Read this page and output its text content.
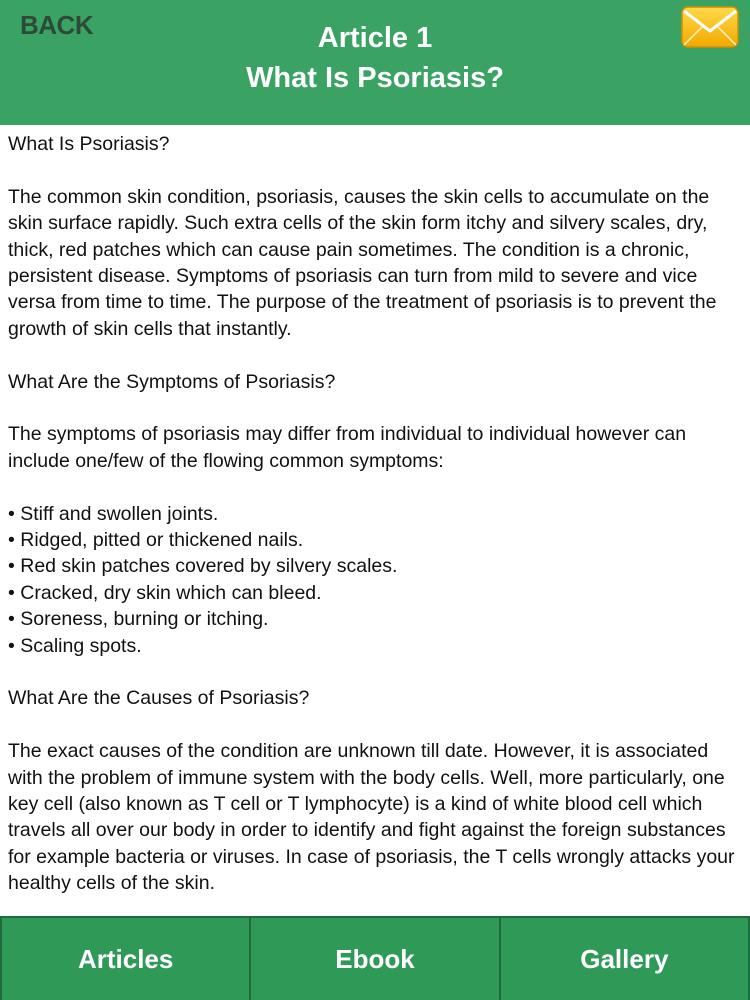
BACK	Article 1
What Is Psoriasis?

What Is Psoriasis?

The common skin condition, psoriasis, causes the skin cells to accumulate on the skin surface rapidly. Such extra cells of the skin form itchy and silvery scales, dry, thick, red patches which can cause pain sometimes. The condition is a chronic, persistent disease. Symptoms of psoriasis can turn from mild to severe and vice versa from time to time. The purpose of the treatment of psoriasis is to prevent the growth of skin cells that instantly.

What Are the Symptoms of Psoriasis?

The symptoms of psoriasis may differ from individual to individual however can include one/few of the flowing common symptoms:

• Stiff and swollen joints.
• Ridged, pitted or thickened nails.
• Red skin patches covered by silvery scales.
• Cracked, dry skin which can bleed.
• Soreness, burning or itching.
• Scaling spots.

What Are the Causes of Psoriasis?

The exact causes of the condition are unknown till date. However, it is associated with the problem of immune system with the body cells. Well, more particularly, one key cell (also known as T cell or T lymphocyte) is a kind of white blood cell which travels all over our body in order to identify and fight against the foreign substances for example bacteria or viruses. In case of psoriasis, the T cells wrongly attacks your healthy cells of the skin.

Articles	Ebook	Gallery
